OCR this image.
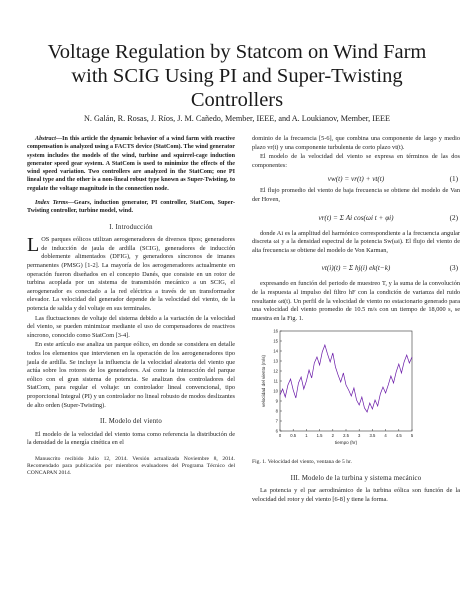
Voltage Regulation by Statcom on Wind Farm with SCIG Using PI and Super-Twisting Controllers
N. Galán, R. Rosas, J. Ríos, J. M. Cañedo, Member, IEEE, and A. Loukianov, Member, IEEE

Abstract—In this article the dynamic behavior of a wind farm with reactive compensation is analyzed using a FACTS device (StatCom). The wind generator system includes the models of the wind, turbine and squirrel-cage induction generator speed gear system. A StatCom is used to minimize the effects of the wind speed variation. Two controllers are analyzed in the StatCom; one PI lineal type and the other is a non-lineal robust type known as Super-Twisting, to regulate the voltage magnitude in the connection node.

Index Terms—Gears, induction generator, PI controller, StatCom, Super-Twisting controller, turbine model, wind.

I. Introducción

LOS parques eólicos utilizan aerogeneradores de diversos tipos; generadores de inducción de jaula de ardilla (SCIG), generadores de inducción doblemente alimentados (DFIG), y generadores síncronos de imanes permanentes (PMSG) [1-2]. La mayoría de los aerogeneradores actualmente en operación fueron diseñados en el concepto Danés, que consiste en un rotor de turbina acoplada por un sistema de transmisión mecánico a un SCIG, el aerogenerador es conectado a la red eléctrica a través de un transformador elevador. La velocidad del generador depende de la velocidad del viento, de la potencia de salida y del voltaje en sus terminales.

Las fluctuaciones de voltaje del sistema debido a la variación de la velocidad del viento, se pueden minimizar mediante el uso de compensadores de reactivos síncrono, conocido como StatCom [3-4].

En este artículo ese analiza un parque eólico, en donde se considera en detalle todos los elementos que intervienen en la operación de los aerogeneradores tipo jaula de ardilla. Se incluye la influencia de la velocidad aleatoria del viento que actúa sobre los rotores de los generadores. Así como la interacción del parque eólico con el gran sistema de potencia. Se analizan dos controladores del StatCom, para regular el voltaje: un controlador lineal convencional, tipo proporcional Integral (PI) y un controlador no lineal robusto de modos deslizantes de alto orden (Super-Twisting).

II. Modelo del viento

El modelo de la velocidad del viento toma como referencia la distribución de la densidad de la energía cinética en el

Manuscrito recibido Julio 12, 2014. Versión actualizada Noviembre 8, 2014. Recomendado para publicación por miembros evaluadores del Programa Técnico del CONCAPAN 2014.

dominio de la frecuencia [5-6], que combina una componente de largo y medio plazo vr(t) y una componente turbulenta de corto plazo vt(t).

El modelo de la velocidad del viento se expresa en términos de las dos componentes:

vw(t) = vr(t) + vt(t)	(1)

El flujo promedio del viento de baja frecuencia se obtiene del modelo de Van der Hoven,

vr(t) = Σ Ai cos(ωi t + φi)	(2)

donde Ai es la amplitud del harmónico correspondiente a la frecuencia angular discreta ωi y a la densidad espectral de la potencia Sw(ωi). El flujo del viento de alta frecuencia se obtiene del modelo de Von Karman,

vt(i)(t) = Σ hj(i) ek(t−k)	(3)

expresando en función del periodo de muestreo T, y la suma de la convolución de la respuesta al impulso del filtro hF con la condición de varianza del ruido resultante ωt(t). Un perfil de la velocidad de viento no estacionario generado para una velocidad del viento promedio de 10.5 m/s con un tiempo de 18,000 s, se muestra en la Fig. 1.

0 0.5 1 1.5 2 2.5 3 3.5 4 4.5 5
6
7
8
9
10
11
12
13
14
15
16
tiempo (hr)
velocidad del viento (m/s)
Fig. 1. Velocidad del viento, ventana de 5 hr.
III. Modelo de la turbina y sistema mecánico

La potencia y el par aerodinámico de la turbina eólica son función de la velocidad del rotor y del viento [6-8] y tiene la forma.
